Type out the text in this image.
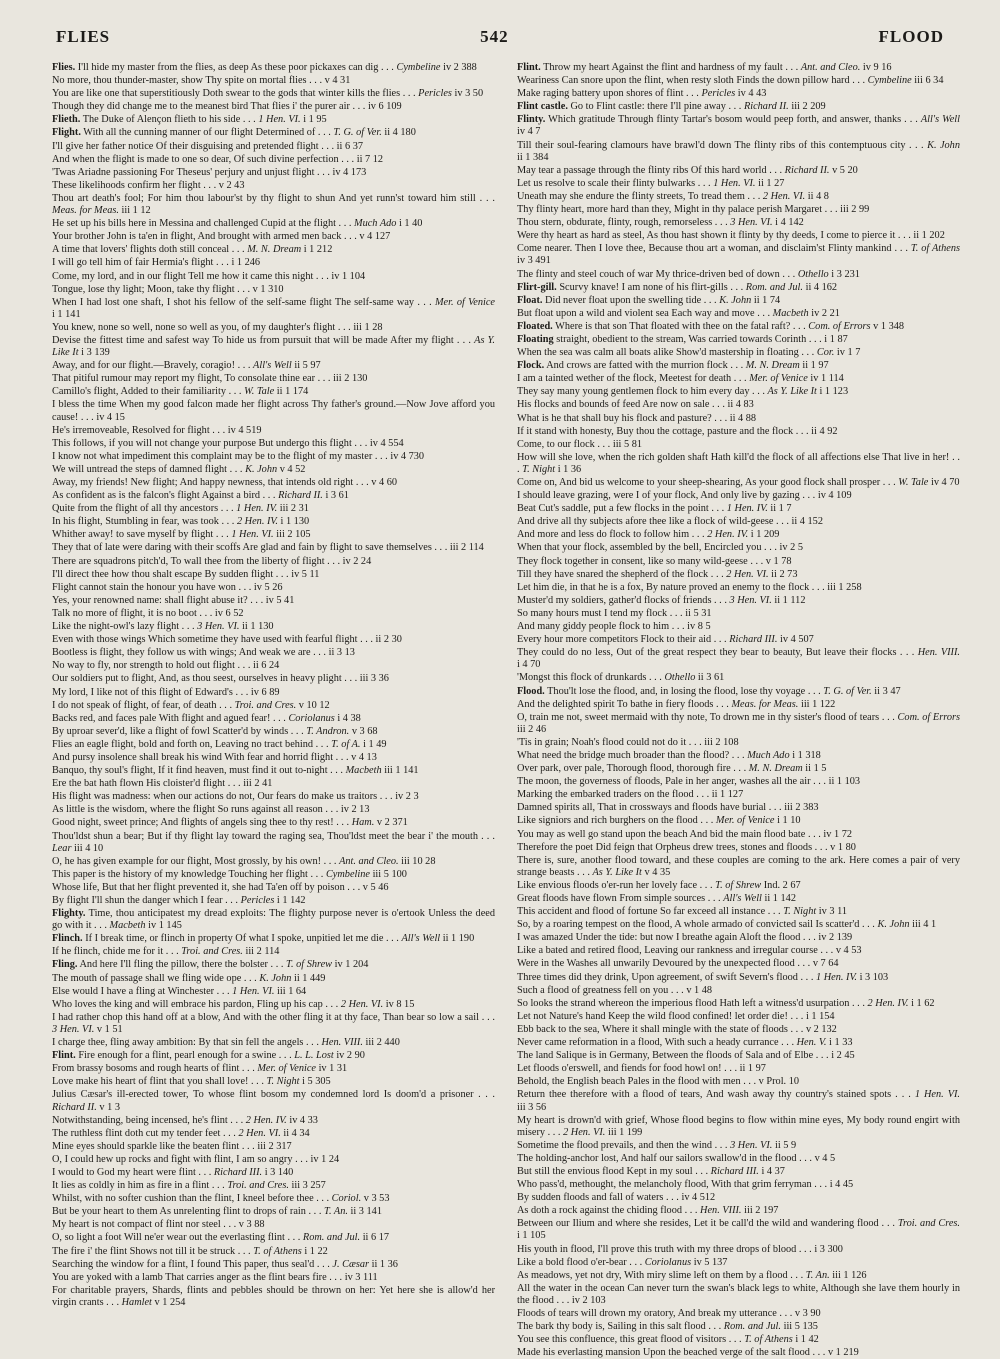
FLIES	542	FLOOD

Flies. I'll hide my master from the flies, as deep As these poor pickaxes can dig . . . Cymbeline iv 2 388

No more, thou thunder-master, show Thy spite on mortal flies . . . v 4 31

You are like one that superstitiously Doth swear to the gods that winter kills the flies . . . Pericles iv 3 50

Though they did change me to the meanest bird That flies i' the purer air . . . iv 6 109

Flieth. The Duke of Alençon flieth to his side . . . 1 Hen. VI. i 1 95

Flight. With all the cunning manner of our flight Determined of . . . T. G. of Ver. ii 4 180

I'll give her father notice Of their disguising and pretended flight . . . ii 6 37

And when the flight is made to one so dear, Of such divine perfection . . . ii 7 12

'Twas Ariadne passioning For Theseus' perjury and unjust flight . . . iv 4 173

These likelihoods confirm her flight . . . v 2 43

Thou art death's fool; For him thou labour'st by thy flight to shun And yet runn'st toward him still . . . Meas. for Meas. iii 1 12

He set up his bills here in Messina and challenged Cupid at the flight . . . Much Ado i 1 40

Your brother John is ta'en in flight, And brought with armed men back . . . v 4 127

A time that lovers' flights doth still conceal . . . M. N. Dream i 1 212

I will go tell him of fair Hermia's flight . . . i 1 246

Come, my lord, and in our flight Tell me how it came this night . . . iv 1 104

Tongue, lose thy light; Moon, take thy flight . . . v 1 310

When I had lost one shaft, I shot his fellow of the self-same flight The self-same way . . . Mer. of Venice i 1 141

You knew, none so well, none so well as you, of my daughter's flight . . . iii 1 28

Devise the fittest time and safest way To hide us from pursuit that will be made After my flight . . . As Y. Like It i 3 139

Away, and for our flight.—Bravely, coragio! . . . All's Well ii 5 97

That pitiful rumour may report my flight, To consolate thine ear . . . iii 2 130

Camillo's flight, Added to their familiarity . . . W. Tale ii 1 174

I bless the time When my good falcon made her flight across Thy father's ground.—Now Jove afford you cause! . . . iv 4 15

He's irremoveable, Resolved for flight . . . iv 4 519

This follows, if you will not change your purpose But undergo this flight . . . iv 4 554

I know not what impediment this complaint may be to the flight of my master . . . iv 4 730

We will untread the steps of damned flight . . . K. John v 4 52

Away, my friends! New flight; And happy newness, that intends old right . . . v 4 60

As confident as is the falcon's flight Against a bird . . . Richard II. i 3 61

Quite from the flight of all thy ancestors . . . 1 Hen. IV. iii 2 31

In his flight, Stumbling in fear, was took . . . 2 Hen. IV. i 1 130

Whither away! to save myself by flight . . . 1 Hen. VI. iii 2 105

They that of late were daring with their scoffs Are glad and fain by flight to save themselves . . . iii 2 114

There are squadrons pitch'd, To wall thee from the liberty of flight . . . iv 2 24

I'll direct thee how thou shalt escape By sudden flight . . . iv 5 11

Flight cannot stain the honour you have won . . . iv 5 26

Yes, your renowned name: shall flight abuse it? . . . iv 5 41

Talk no more of flight, it is no boot . . . iv 6 52

Like the night-owl's lazy flight . . . 3 Hen. VI. ii 1 130

Even with those wings Which sometime they have used with fearful flight . . . ii 2 30

Bootless is flight, they follow us with wings; And weak we are . . . ii 3 13

No way to fly, nor strength to hold out flight . . . ii 6 24

Our soldiers put to flight, And, as thou seest, ourselves in heavy plight . . . iii 3 36

My lord, I like not of this flight of Edward's . . . iv 6 89

I do not speak of flight, of fear, of death . . . Troi. and Cres. v 10 12

Backs red, and faces pale With flight and agued fear! . . . Coriolanus i 4 38

By uproar sever'd, like a flight of fowl Scatter'd by winds . . . T. Andron. v 3 68

Flies an eagle flight, bold and forth on, Leaving no tract behind . . . T. of A. i 1 49

And pursy insolence shall break his wind With fear and horrid flight . . . v 4 13

Banquo, thy soul's flight, If it find heaven, must find it out to-night . . . Macbeth iii 1 141

Ere the bat hath flown His cloister'd flight . . . iii 2 41

His flight was madness: when our actions do not, Our fears do make us traitors . . . iv 2 3

As little is the wisdom, where the flight So runs against all reason . . . iv 2 13

Good night, sweet prince; And flights of angels sing thee to thy rest! . . . Ham. v 2 371

Thou'ldst shun a bear; But if thy flight lay toward the raging sea, Thou'ldst meet the bear i' the mouth . . . Lear iii 4 10

O, he has given example for our flight, Most grossly, by his own! . . . Ant. and Cleo. iii 10 28

This paper is the history of my knowledge Touching her flight . . . Cymbeline iii 5 100

Whose life, But that her flight prevented it, she had Ta'en off by poison . . . v 5 46

By flight I'll shun the danger which I fear . . . Pericles i 1 142

Flighty. Time, thou anticipatest my dread exploits: The flighty purpose never is o'ertook Unless the deed go with it . . . Macbeth iv 1 145

Flinch. If I break time, or flinch in property Of what I spoke, unpitied let me die . . . All's Well ii 1 190

If he flinch, chide me for it . . . Troi. and Cres. iii 2 114

Fling. And here I'll fling the pillow, there the bolster . . . T. of Shrew iv 1 204

The mouth of passage shall we fling wide ope . . . K. John ii 1 449

Else would I have a fling at Winchester . . . 1 Hen. VI. iii 1 64

Who loves the king and will embrace his pardon, Fling up his cap . . . 2 Hen. VI. iv 8 15

I had rather chop this hand off at a blow, And with the other fling it at thy face, Than bear so low a sail . . . 3 Hen. VI. v 1 51

I charge thee, fling away ambition: By that sin fell the angels . . . Hen. VIII. iii 2 440

Flint. Fire enough for a flint, pearl enough for a swine . . . L. L. Lost iv 2 90

From brassy bosoms and rough hearts of flint . . . Mer. of Venice iv 1 31

Love make his heart of flint that you shall love! . . . T. Night i 5 305

Julius Cæsar's ill-erected tower, To whose flint bosom my condemned lord Is doom'd a prisoner . . . Richard II. v 1 3

Notwithstanding, being incensed, he's flint . . . 2 Hen. IV. iv 4 33

The ruthless flint doth cut my tender feet . . . 2 Hen. VI. ii 4 34

Mine eyes should sparkle like the beaten flint . . . iii 2 317

O, I could hew up rocks and fight with flint, I am so angry . . . iv 1 24

I would to God my heart were flint . . . Richard III. i 3 140

It lies as coldly in him as fire in a flint . . . Troi. and Cres. iii 3 257

Whilst, with no softer cushion than the flint, I kneel before thee . . . Coriol. v 3 53

But be your heart to them As unrelenting flint to drops of rain . . . T. An. ii 3 141

My heart is not compact of flint nor steel . . . v 3 88

O, so light a foot Will ne'er wear out the everlasting flint . . . Rom. and Jul. ii 6 17

The fire i' the flint Shows not till it be struck . . . T. of Athens i 1 22

Searching the window for a flint, I found This paper, thus seal'd . . . J. Cæsar ii 1 36

You are yoked with a lamb That carries anger as the flint bears fire . . . iv 3 111

For charitable prayers, Shards, flints and pebbles should be thrown on her: Yet here she is allow'd her virgin crants . . . Hamlet v 1 254

Flint. Throw my heart Against the flint and hardness of my fault . . . Ant. and Cleo. iv 9 16

Weariness Can snore upon the flint, when resty sloth Finds the down pillow hard . . . Cymbeline iii 6 34

Make raging battery upon shores of flint . . . Pericles iv 4 43

Flint castle. Go to Flint castle: there I'll pine away . . . Richard II. iii 2 209

Flinty. Which gratitude Through flinty Tartar's bosom would peep forth, and answer, thanks . . . All's Well iv 4 7

Till their soul-fearing clamours have brawl'd down The flinty ribs of this contemptuous city . . . K. John ii 1 384

May tear a passage through the flinty ribs Of this hard world . . . Richard II. v 5 20

Let us resolve to scale their flinty bulwarks . . . 1 Hen. VI. ii 1 27

Uneath may she endure the flinty streets, To tread them . . . 2 Hen. VI. ii 4 8

Thy flinty heart, more hard than they, Might in thy palace perish Margaret . . . iii 2 99

Thou stern, obdurate, flinty, rough, remorseless . . . 3 Hen. VI. i 4 142

Were thy heart as hard as steel, As thou hast shown it flinty by thy deeds, I come to pierce it . . . ii 1 202

Come nearer. Then I love thee, Because thou art a woman, and disclaim'st Flinty mankind . . . T. of Athens iv 3 491

The flinty and steel couch of war My thrice-driven bed of down . . . Othello i 3 231

Flirt-gill. Scurvy knave! I am none of his flirt-gills . . . Rom. and Jul. ii 4 162

Float. Did never float upon the swelling tide . . . K. John ii 1 74

But float upon a wild and violent sea Each way and move . . . Macbeth iv 2 21

Floated. Where is that son That floated with thee on the fatal raft? . . . Com. of Errors v 1 348

Floating straight, obedient to the stream, Was carried towards Corinth . . . i 1 87

When the sea was calm all boats alike Show'd mastership in floating . . . Cor. iv 1 7

Flock. And crows are fatted with the murrion flock . . . M. N. Dream ii 1 97

I am a tainted wether of the flock, Meetest for death . . . Mer. of Venice iv 1 114

They say many young gentlemen flock to him every day . . . As Y. Like It i 1 123

His flocks and bounds of feed Are now on sale . . . ii 4 83

What is he that shall buy his flock and pasture? . . . ii 4 88

If it stand with honesty, Buy thou the cottage, pasture and the flock . . . ii 4 92

Come, to our flock . . . iii 5 81

How will she love, when the rich golden shaft Hath kill'd the flock of all affections else That live in her! . . . T. Night i 1 36

Come on, And bid us welcome to your sheep-shearing, As your good flock shall prosper . . . W. Tale iv 4 70

I should leave grazing, were I of your flock, And only live by gazing . . . iv 4 109

Beat Cut's saddle, put a few flocks in the point . . . 1 Hen. IV. ii 1 7

And drive all thy subjects afore thee like a flock of wild-geese . . . ii 4 152

And more and less do flock to follow him . . . 2 Hen. IV. i 1 209

When that your flock, assembled by the bell, Encircled you . . . iv 2 5

They flock together in consent, like so many wild-geese . . . v 1 78

Till they have snared the shepherd of the flock . . . 2 Hen. VI. ii 2 73

Let him die, in that he is a fox, By nature proved an enemy to the flock . . . iii 1 258

Muster'd my soldiers, gather'd flocks of friends . . . 3 Hen. VI. ii 1 112

So many hours must I tend my flock . . . ii 5 31

And many giddy people flock to him . . . iv 8 5

Every hour more competitors Flock to their aid . . . Richard III. iv 4 507

They could do no less, Out of the great respect they bear to beauty, But leave their flocks . . . Hen. VIII. i 4 70

'Mongst this flock of drunkards . . . Othello ii 3 61

Flood. Thou'lt lose the flood, and, in losing the flood, lose thy voyage . . . T. G. of Ver. ii 3 47

And the delighted spirit To bathe in fiery floods . . . Meas. for Meas. iii 1 122

O, train me not, sweet mermaid with thy note, To drown me in thy sister's flood of tears . . . Com. of Errors iii 2 46

'Tis in grain; Noah's flood could not do it . . . iii 2 108

What need the bridge much broader than the flood? . . . Much Ado i 1 318

Over park, over pale, Thorough flood, thorough fire . . . M. N. Dream ii 1 5

The moon, the governess of floods, Pale in her anger, washes all the air . . . ii 1 103

Marking the embarked traders on the flood . . . ii 1 127

Damned spirits all, That in crossways and floods have burial . . . iii 2 383

Like signiors and rich burghers on the flood . . . Mer. of Venice i 1 10

You may as well go stand upon the beach And bid the main flood bate . . . iv 1 72

Therefore the poet Did feign that Orpheus drew trees, stones and floods . . . v 1 80

There is, sure, another flood toward, and these couples are coming to the ark. Here comes a pair of very strange beasts . . . As Y. Like It v 4 35

Like envious floods o'er-run her lovely face . . . T. of Shrew Ind. 2 67

Great floods have flown From simple sources . . . All's Well ii 1 142

This accident and flood of fortune So far exceed all instance . . . T. Night iv 3 11

So, by a roaring tempest on the flood, A whole armado of convicted sail Is scatter'd . . . K. John iii 4 1

I was amazed Under the tide: but now I breathe again Aloft the flood . . . iv 2 139

Like a bated and retired flood, Leaving our rankness and irregular course . . . v 4 53

Were in the Washes all unwarily Devoured by the unexpected flood . . . v 7 64

Three times did they drink, Upon agreement, of swift Severn's flood . . . 1 Hen. IV. i 3 103

Such a flood of greatness fell on you . . . v 1 48

So looks the strand whereon the imperious flood Hath left a witness'd usurpation . . . 2 Hen. IV. i 1 62

Let not Nature's hand Keep the wild flood confined! let order die! . . . i 1 154

Ebb back to the sea, Where it shall mingle with the state of floods . . . v 2 132

Never came reformation in a flood, With such a heady currance . . . Hen. V. i 1 33

The land Salique is in Germany, Between the floods of Sala and of Elbe . . . i 2 45

Let floods o'erswell, and fiends for food howl on! . . . ii 1 97

Behold, the English beach Pales in the flood with men . . . v Prol. 10

Return thee therefore with a flood of tears, And wash away thy country's stained spots . . . 1 Hen. VI. iii 3 56

My heart is drown'd with grief, Whose flood begins to flow within mine eyes, My body round engirt with misery . . . 2 Hen. VI. iii 1 199

Sometime the flood prevails, and then the wind . . . 3 Hen. VI. ii 5 9

The holding-anchor lost, And half our sailors swallow'd in the flood . . . v 4 5

But still the envious flood Kept in my soul . . . Richard III. i 4 37

Who pass'd, methought, the melancholy flood, With that grim ferryman . . . i 4 45

By sudden floods and fall of waters . . . iv 4 512

As doth a rock against the chiding flood . . . Hen. VIII. iii 2 197

Between our Ilium and where she resides, Let it be call'd the wild and wandering flood . . . Troi. and Cres. i 1 105

His youth in flood, I'll prove this truth with my three drops of blood . . . i 3 300

Like a bold flood o'er-bear . . . Coriolanus iv 5 137

As meadows, yet not dry, With miry slime left on them by a flood . . . T. An. iii 1 126

All the water in the ocean Can never turn the swan's black legs to white, Although she lave them hourly in the flood . . . iv 2 103

Floods of tears will drown my oratory, And break my utterance . . . v 3 90

The bark thy body is, Sailing in this salt flood . . . Rom. and Jul. iii 5 135

You see this confluence, this great flood of visitors . . . T. of Athens i 1 42

Made his everlasting mansion Upon the beached verge of the salt flood . . . v 1 219
